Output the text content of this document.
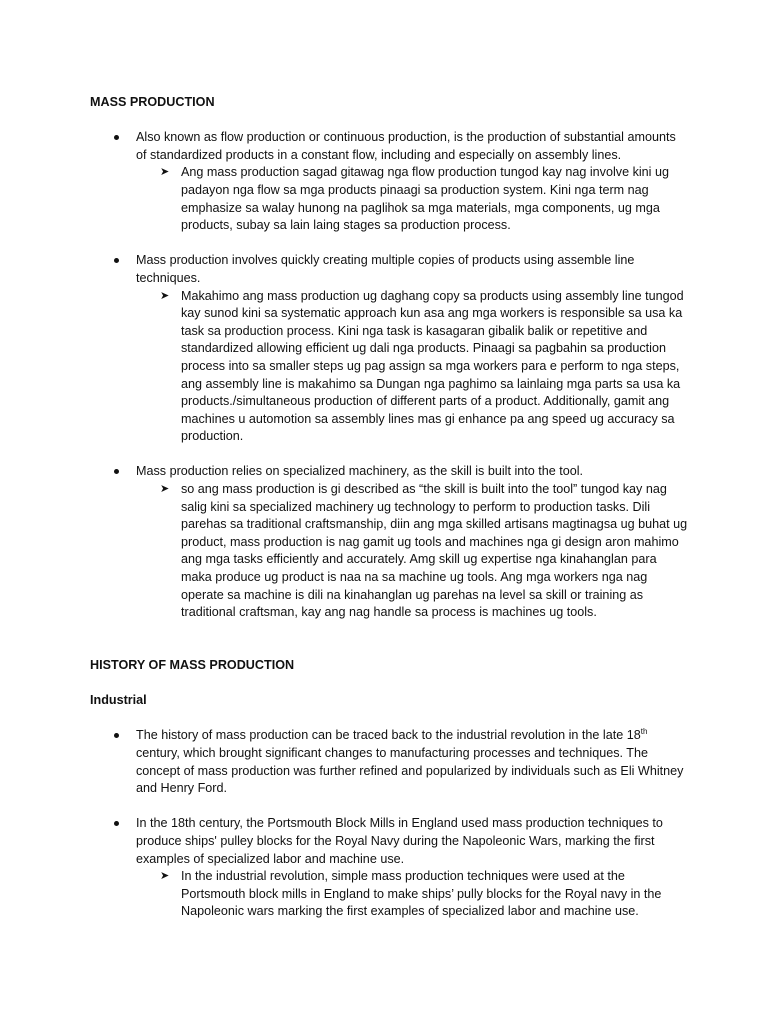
MASS PRODUCTION

Also known as flow production or continuous production, is the production of substantial amounts of standardized products in a constant flow, including and especially on assembly lines.
➤ Ang mass production sagad gitawag nga flow production tungod kay nag involve kini ug padayon nga flow sa mga products pinaagi sa production system. Kini nga term nag emphasize sa walay hunong na paglihok sa mga materials, mga components, ug mga products, subay sa lain laing stages sa production process.
Mass production involves quickly creating multiple copies of products using assemble line techniques.
➤ Makahimo ang mass production ug daghang copy sa products using assembly line tungod kay sunod kini sa systematic approach kun asa ang mga workers is responsible sa usa ka task sa production process. Kini nga task is kasagaran gibalik balik or repetitive and standardized allowing efficient ug dali nga products. Pinaagi sa pagbahin sa production process into sa smaller steps ug pag assign sa mga workers para e perform to nga steps, ang assembly line is makahimo sa Dungan nga paghimo sa lainlaing mga parts sa usa ka products./simultaneous production of different parts of a product. Additionally, gamit ang machines u automotion sa assembly lines mas gi enhance pa ang speed ug accuracy sa production.
Mass production relies on specialized machinery, as the skill is built into the tool.
➤ so ang mass production is gi described as “the skill is built into the tool” tungod kay nag salig kini sa specialized machinery ug technology to perform to production tasks. Dili parehas sa traditional craftsmanship, diin ang mga skilled artisans magtinagsa ug buhat ug product, mass production is nag gamit ug tools and machines nga gi design aron mahimo ang mga tasks efficiently and accurately. Amg skill ug expertise nga kinahanglan para maka produce ug product is naa na sa machine ug tools. Ang mga workers nga nag operate sa machine is dili na kinahanglan ug parehas na level sa skill or training as traditional craftsman, kay ang nag handle sa process is machines ug tools.

HISTORY OF MASS PRODUCTION

Industrial

The history of mass production can be traced back to the industrial revolution in the late 18th century, which brought significant changes to manufacturing processes and techniques. The concept of mass production was further refined and popularized by individuals such as Eli Whitney and Henry Ford.
In the 18th century, the Portsmouth Block Mills in England used mass production techniques to produce ships' pulley blocks for the Royal Navy during the Napoleonic Wars, marking the first examples of specialized labor and machine use.
➤ In the industrial revolution, simple mass production techniques were used at the Portsmouth block mills in England to make ships’ pully blocks for the Royal navy in the Napoleonic wars marking the first examples of specialized labor and machine use.
